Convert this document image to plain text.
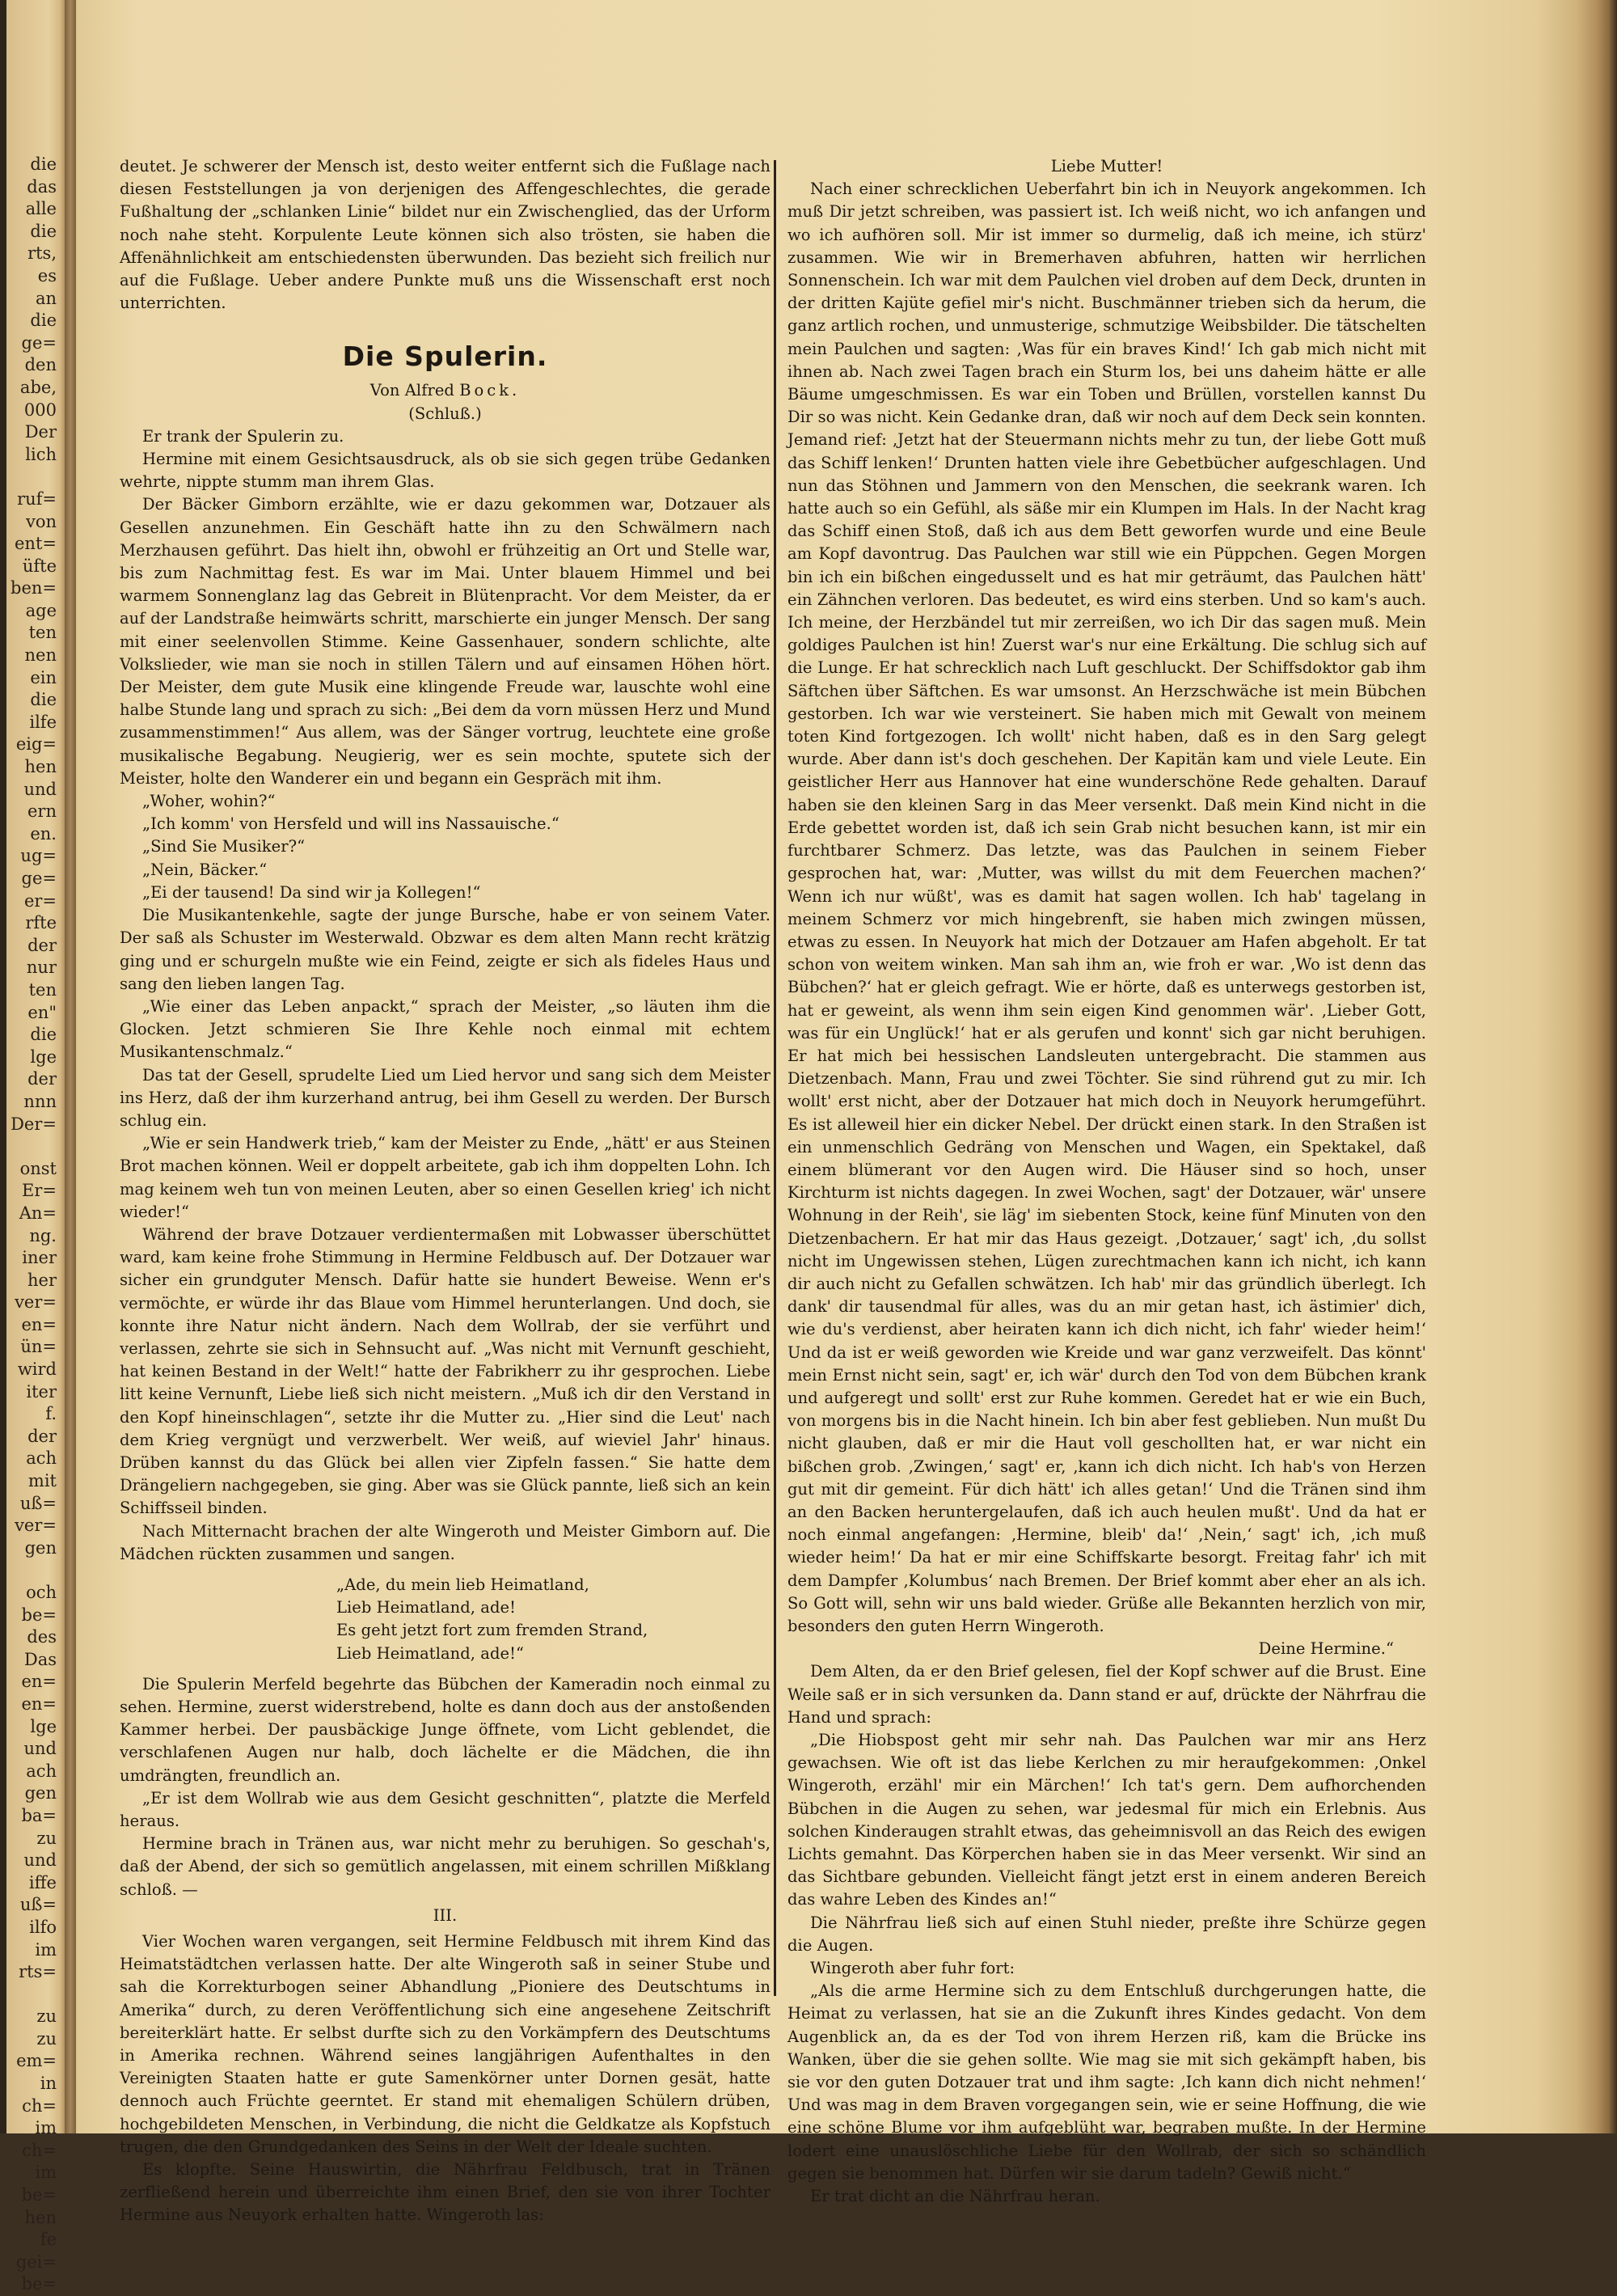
die
das
alle
die
rts,
es
an
die
ge=
den
abe,
000
Der
lich

ruf=
von
ent=
üfte
ben=
age
ten
nen
ein
die
ilfe
eig=
hen
und
ern
en.
ug=
ge=
er=
rfte
der
nur
ten
en"
die
lge
der
nnn
Der=

onst
Er=
An=
ng.
iner
her
ver=
en=
ün=
wird
iter
f.
der
ach
mit
uß=
ver=
gen

och
be=
des
Das
en=
en=
lge
und
ach
gen
ba=
zu
und
iffe
uß=
ilfo
im
rts=

zu
zu
em=
in
ch=
im
ch=
im
be=
hen
fe
gei=
be=

deutet. Je schwerer der Mensch ist, desto weiter entfernt sich die Fußlage nach diesen Feststellungen ja von derjenigen des Affengeschlechtes, die gerade Fußhaltung der „schlanken Linie“ bildet nur ein Zwischenglied, das der Urform noch nahe steht. Korpulente Leute können sich also trösten, sie haben die Affenähnlichkeit am entschiedensten überwunden. Das bezieht sich freilich nur auf die Fußlage. Ueber andere Punkte muß uns die Wissenschaft erst noch unterrichten.

Die Spulerin.

Von Alfred Bock.

(Schluß.)

Er trank der Spulerin zu.

Hermine mit einem Gesichtsausdruck, als ob sie sich gegen trübe Gedanken wehrte, nippte stumm man ihrem Glas.

Der Bäcker Gimborn erzählte, wie er dazu gekommen war, Dotzauer als Gesellen anzunehmen. Ein Geschäft hatte ihn zu den Schwälmern nach Merzhausen geführt. Das hielt ihn, obwohl er frühzeitig an Ort und Stelle war, bis zum Nachmittag fest. Es war im Mai. Unter blauem Himmel und bei warmem Sonnenglanz lag das Gebreit in Blütenpracht. Vor dem Meister, da er auf der Landstraße heimwärts schritt, marschierte ein junger Mensch. Der sang mit einer seelenvollen Stimme. Keine Gassenhauer, sondern schlichte, alte Volkslieder, wie man sie noch in stillen Tälern und auf einsamen Höhen hört. Der Meister, dem gute Musik eine klingende Freude war, lauschte wohl eine halbe Stunde lang und sprach zu sich: „Bei dem da vorn müssen Herz und Mund zusammenstimmen!“ Aus allem, was der Sänger vortrug, leuchtete eine große musikalische Begabung. Neugierig, wer es sein mochte, sputete sich der Meister, holte den Wanderer ein und begann ein Gespräch mit ihm.

„Woher, wohin?“

„Ich komm' von Hersfeld und will ins Nassauische.“

„Sind Sie Musiker?“

„Nein, Bäcker.“

„Ei der tausend! Da sind wir ja Kollegen!“

Die Musikantenkehle, sagte der junge Bursche, habe er von seinem Vater. Der saß als Schuster im Westerwald. Obzwar es dem alten Mann recht krätzig ging und er schurgeln mußte wie ein Feind, zeigte er sich als fideles Haus und sang den lieben langen Tag.

„Wie einer das Leben anpackt,“ sprach der Meister, „so läuten ihm die Glocken. Jetzt schmieren Sie Ihre Kehle noch einmal mit echtem Musikantenschmalz.“

Das tat der Gesell, sprudelte Lied um Lied hervor und sang sich dem Meister ins Herz, daß der ihm kurzerhand antrug, bei ihm Gesell zu werden. Der Bursch schlug ein.

„Wie er sein Handwerk trieb,“ kam der Meister zu Ende, „hätt' er aus Steinen Brot machen können. Weil er doppelt arbeitete, gab ich ihm doppelten Lohn. Ich mag keinem weh tun von meinen Leuten, aber so einen Gesellen krieg' ich nicht wieder!“

Während der brave Dotzauer verdientermaßen mit Lobwasser überschüttet ward, kam keine frohe Stimmung in Hermine Feldbusch auf. Der Dotzauer war sicher ein grundguter Mensch. Dafür hatte sie hundert Beweise. Wenn er's vermöchte, er würde ihr das Blaue vom Himmel herunterlangen. Und doch, sie konnte ihre Natur nicht ändern. Nach dem Wollrab, der sie verführt und verlassen, zehrte sie sich in Sehnsucht auf. „Was nicht mit Vernunft geschieht, hat keinen Bestand in der Welt!“ hatte der Fabrikherr zu ihr gesprochen. Liebe litt keine Vernunft, Liebe ließ sich nicht meistern. „Muß ich dir den Verstand in den Kopf hineinschlagen“, setzte ihr die Mutter zu. „Hier sind die Leut' nach dem Krieg vergnügt und verzwerbelt. Wer weiß, auf wieviel Jahr' hinaus. Drüben kannst du das Glück bei allen vier Zipfeln fassen.“ Sie hatte dem Drängeliern nachgegeben, sie ging. Aber was sie Glück pannte, ließ sich an kein Schiffsseil binden.

Nach Mitternacht brachen der alte Wingeroth und Meister Gimborn auf. Die Mädchen rückten zusammen und sangen.

„Ade, du mein lieb Heimatland,

Lieb Heimatland, ade!

Es geht jetzt fort zum fremden Strand,

Lieb Heimatland, ade!“

Die Spulerin Merfeld begehrte das Bübchen der Kameradin noch einmal zu sehen. Hermine, zuerst widerstrebend, holte es dann doch aus der anstoßenden Kammer herbei. Der pausbäckige Junge öffnete, vom Licht geblendet, die verschlafenen Augen nur halb, doch lächelte er die Mädchen, die ihn umdrängten, freundlich an.

„Er ist dem Wollrab wie aus dem Gesicht geschnitten“, platzte die Merfeld heraus.

Hermine brach in Tränen aus, war nicht mehr zu beruhigen. So geschah's, daß der Abend, der sich so gemütlich angelassen, mit einem schrillen Mißklang schloß. —

III.

Vier Wochen waren vergangen, seit Hermine Feldbusch mit ihrem Kind das Heimatstädtchen verlassen hatte. Der alte Wingeroth saß in seiner Stube und sah die Korrekturbogen seiner Abhandlung „Pioniere des Deutschtums in Amerika“ durch, zu deren Veröffentlichung sich eine angesehene Zeitschrift bereiterklärt hatte. Er selbst durfte sich zu den Vorkämpfern des Deutschtums in Amerika rechnen. Während seines langjährigen Aufenthaltes in den Vereinigten Staaten hatte er gute Samenkörner unter Dornen gesät, hatte dennoch auch Früchte geerntet. Er stand mit ehemaligen Schülern drüben, hochgebildeten Menschen, in Verbindung, die nicht die Geldkatze als Kopfstuch trugen, die den Grundgedanken des Seins in der Welt der Ideale suchten.

Es klopfte. Seine Hauswirtin, die Nährfrau Feldbusch, trat in Tränen zerfließend herein und überreichte ihm einen Brief, den sie von ihrer Tochter Hermine aus Neuyork erhalten hatte. Wingeroth las:

Liebe Mutter!

Nach einer schrecklichen Ueberfahrt bin ich in Neuyork angekommen. Ich muß Dir jetzt schreiben, was passiert ist. Ich weiß nicht, wo ich anfangen und wo ich aufhören soll. Mir ist immer so durmelig, daß ich meine, ich stürz' zusammen. Wie wir in Bremerhaven abfuhren, hatten wir herrlichen Sonnenschein. Ich war mit dem Paulchen viel droben auf dem Deck, drunten in der dritten Kajüte gefiel mir's nicht. Buschmänner trieben sich da herum, die ganz artlich rochen, und unmusterige, schmutzige Weibsbilder. Die tätschelten mein Paulchen und sagten: ‚Was für ein braves Kind!‘ Ich gab mich nicht mit ihnen ab. Nach zwei Tagen brach ein Sturm los, bei uns daheim hätte er alle Bäume umgeschmissen. Es war ein Toben und Brüllen, vorstellen kannst Du Dir so was nicht. Kein Gedanke dran, daß wir noch auf dem Deck sein konnten. Jemand rief: ‚Jetzt hat der Steuermann nichts mehr zu tun, der liebe Gott muß das Schiff lenken!‘ Drunten hatten viele ihre Gebetbücher aufgeschlagen. Und nun das Stöhnen und Jammern von den Menschen, die seekrank waren. Ich hatte auch so ein Gefühl, als säße mir ein Klumpen im Hals. In der Nacht krag das Schiff einen Stoß, daß ich aus dem Bett geworfen wurde und eine Beule am Kopf davontrug. Das Paulchen war still wie ein Püppchen. Gegen Morgen bin ich ein bißchen eingedusselt und es hat mir geträumt, das Paulchen hätt' ein Zähnchen verloren. Das bedeutet, es wird eins sterben. Und so kam's auch. Ich meine, der Herzbändel tut mir zerreißen, wo ich Dir das sagen muß. Mein goldiges Paulchen ist hin! Zuerst war's nur eine Erkältung. Die schlug sich auf die Lunge. Er hat schrecklich nach Luft geschluckt. Der Schiffsdoktor gab ihm Säftchen über Säftchen. Es war umsonst. An Herzschwäche ist mein Bübchen gestorben. Ich war wie versteinert. Sie haben mich mit Gewalt von meinem toten Kind fortgezogen. Ich wollt' nicht haben, daß es in den Sarg gelegt wurde. Aber dann ist's doch geschehen. Der Kapitän kam und viele Leute. Ein geistlicher Herr aus Hannover hat eine wunderschöne Rede gehalten. Darauf haben sie den kleinen Sarg in das Meer versenkt. Daß mein Kind nicht in die Erde gebettet worden ist, daß ich sein Grab nicht besuchen kann, ist mir ein furchtbarer Schmerz. Das letzte, was das Paulchen in seinem Fieber gesprochen hat, war: ‚Mutter, was willst du mit dem Feuerchen machen?‘ Wenn ich nur wüßt', was es damit hat sagen wollen. Ich hab' tagelang in meinem Schmerz vor mich hingebrenft, sie haben mich zwingen müssen, etwas zu essen. In Neuyork hat mich der Dotzauer am Hafen abgeholt. Er tat schon von weitem winken. Man sah ihm an, wie froh er war. ‚Wo ist denn das Bübchen?‘ hat er gleich gefragt. Wie er hörte, daß es unterwegs gestorben ist, hat er geweint, als wenn ihm sein eigen Kind genommen wär'. ‚Lieber Gott, was für ein Unglück!‘ hat er als gerufen und konnt' sich gar nicht beruhigen. Er hat mich bei hessischen Landsleuten untergebracht. Die stammen aus Dietzenbach. Mann, Frau und zwei Töchter. Sie sind rührend gut zu mir. Ich wollt' erst nicht, aber der Dotzauer hat mich doch in Neuyork herumgeführt. Es ist alleweil hier ein dicker Nebel. Der drückt einen stark. In den Straßen ist ein unmenschlich Gedräng von Menschen und Wagen, ein Spektakel, daß einem blümerant vor den Augen wird. Die Häuser sind so hoch, unser Kirchturm ist nichts dagegen. In zwei Wochen, sagt' der Dotzauer, wär' unsere Wohnung in der Reih', sie läg' im siebenten Stock, keine fünf Minuten von den Dietzenbachern. Er hat mir das Haus gezeigt. ‚Dotzauer,‘ sagt' ich, ‚du sollst nicht im Ungewissen stehen, Lügen zurechtmachen kann ich nicht, ich kann dir auch nicht zu Gefallen schwätzen. Ich hab' mir das gründlich überlegt. Ich dank' dir tausendmal für alles, was du an mir getan hast, ich ästimier' dich, wie du's verdienst, aber heiraten kann ich dich nicht, ich fahr' wieder heim!‘ Und da ist er weiß geworden wie Kreide und war ganz verzweifelt. Das könnt' mein Ernst nicht sein, sagt' er, ich wär' durch den Tod von dem Bübchen krank und aufgeregt und sollt' erst zur Ruhe kommen. Geredet hat er wie ein Buch, von morgens bis in die Nacht hinein. Ich bin aber fest geblieben. Nun mußt Du nicht glauben, daß er mir die Haut voll geschollten hat, er war nicht ein bißchen grob. ‚Zwingen,‘ sagt' er, ‚kann ich dich nicht. Ich hab's von Herzen gut mit dir gemeint. Für dich hätt' ich alles getan!‘ Und die Tränen sind ihm an den Backen heruntergelaufen, daß ich auch heulen mußt'. Und da hat er noch einmal angefangen: ‚Hermine, bleib' da!‘ ‚Nein,‘ sagt' ich, ‚ich muß wieder heim!‘ Da hat er mir eine Schiffskarte besorgt. Freitag fahr' ich mit dem Dampfer ‚Kolumbus‘ nach Bremen. Der Brief kommt aber eher an als ich. So Gott will, sehn wir uns bald wieder. Grüße alle Bekannten herzlich von mir, besonders den guten Herrn Wingeroth.

Deine Hermine.“

Dem Alten, da er den Brief gelesen, fiel der Kopf schwer auf die Brust. Eine Weile saß er in sich versunken da. Dann stand er auf, drückte der Nährfrau die Hand und sprach:

„Die Hiobspost geht mir sehr nah. Das Paulchen war mir ans Herz gewachsen. Wie oft ist das liebe Kerlchen zu mir heraufgekommen: ‚Onkel Wingeroth, erzähl' mir ein Märchen!‘ Ich tat's gern. Dem aufhorchenden Bübchen in die Augen zu sehen, war jedesmal für mich ein Erlebnis. Aus solchen Kinderaugen strahlt etwas, das geheimnisvoll an das Reich des ewigen Lichts gemahnt. Das Körperchen haben sie in das Meer versenkt. Wir sind an das Sichtbare gebunden. Vielleicht fängt jetzt erst in einem anderen Bereich das wahre Leben des Kindes an!“

Die Nährfrau ließ sich auf einen Stuhl nieder, preßte ihre Schürze gegen die Augen.

Wingeroth aber fuhr fort:

„Als die arme Hermine sich zu dem Entschluß durchgerungen hatte, die Heimat zu verlassen, hat sie an die Zukunft ihres Kindes gedacht. Von dem Augenblick an, da es der Tod von ihrem Herzen riß, kam die Brücke ins Wanken, über die sie gehen sollte. Wie mag sie mit sich gekämpft haben, bis sie vor den guten Dotzauer trat und ihm sagte: ‚Ich kann dich nicht nehmen!‘ Und was mag in dem Braven vorgegangen sein, wie er seine Hoffnung, die wie eine schöne Blume vor ihm aufgeblüht war, begraben mußte. In der Hermine lodert eine unauslöschliche Liebe für den Wollrab, der sich so schändlich gegen sie benommen hat. Dürfen wir sie darum tadeln? Gewiß nicht.“

Er trat dicht an die Nährfrau heran.
